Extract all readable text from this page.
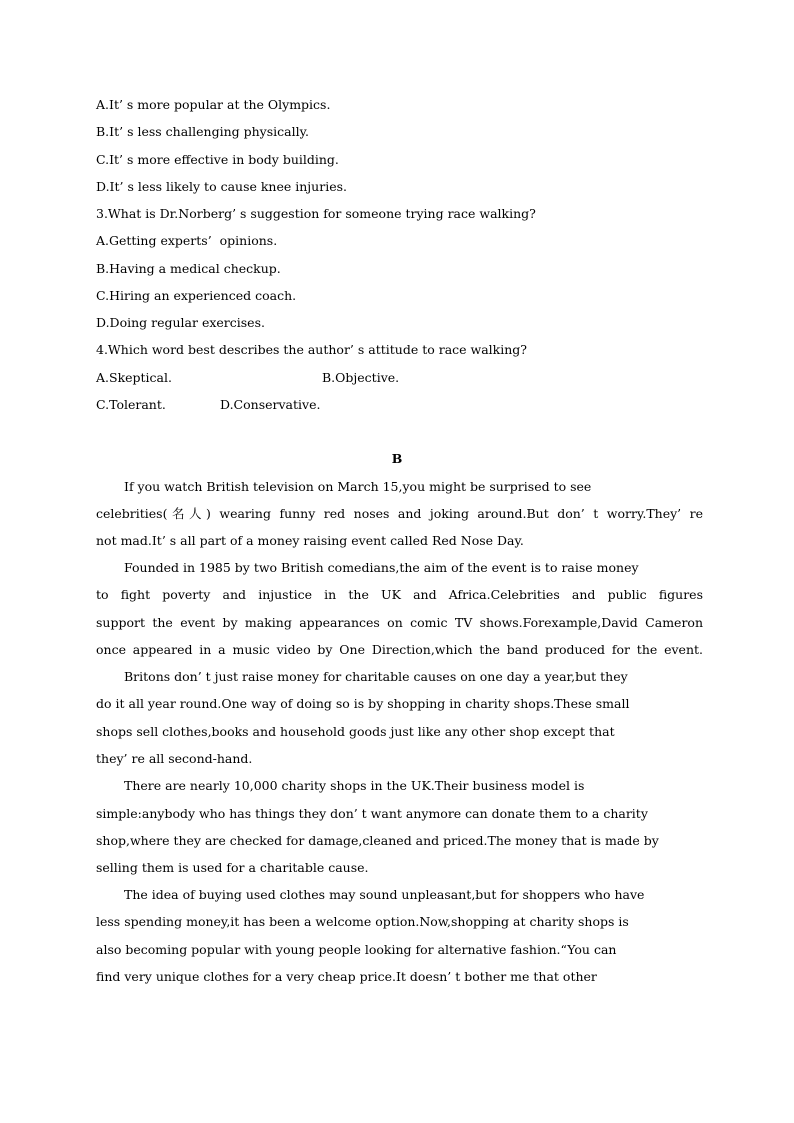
A.It’ s more popular at the Olympics.
B.It’ s less challenging physically.
C.It’ s more effective in body building.
D.It’ s less likely to cause knee injuries.
3.What is Dr.Norberg’ s suggestion for someone trying race walking?
A.Getting experts’  opinions.
B.Having a medical checkup.
C.Hiring an experienced coach.
D.Doing regular exercises.
4.Which word best describes the author’ s attitude to race walking?
A.Skeptical.	B.Objective.
C.Tolerant.	D.Conservative.
B
If you watch British television on March 15,you might be surprised to see
celebrities(名人) wearing funny red noses and joking around.But don’ t worry.They’ re
not mad.It’ s all part of a money raising event called Red Nose Day.
Founded in 1985 by two British comedians,the aim of the event is to raise money
to fight poverty and injustice in the UK and Africa.Celebrities and public figures
support the event by making appearances on comic TV shows.Forexample,David Cameron
once appeared in a music video by One Direction,which the band produced for the event.
Britons don’ t just raise money for charitable causes on one day a year,but they
do it all year round.One way of doing so is by shopping in charity shops.These small
shops sell clothes,books and household goods just like any other shop except that
they’ re all second-hand.
There are nearly 10,000 charity shops in the UK.Their business model is
simple:anybody who has things they don’ t want anymore can donate them to a charity
shop,where they are checked for damage,cleaned and priced.The money that is made by
selling them is used for a charitable cause.
The idea of buying used clothes may sound unpleasant,but for shoppers who have
less spending money,it has been a welcome option.Now,shopping at charity shops is
also becoming popular with young people looking for alternative fashion.“You can
find very unique clothes for a very cheap price.It doesn’ t bother me that other
